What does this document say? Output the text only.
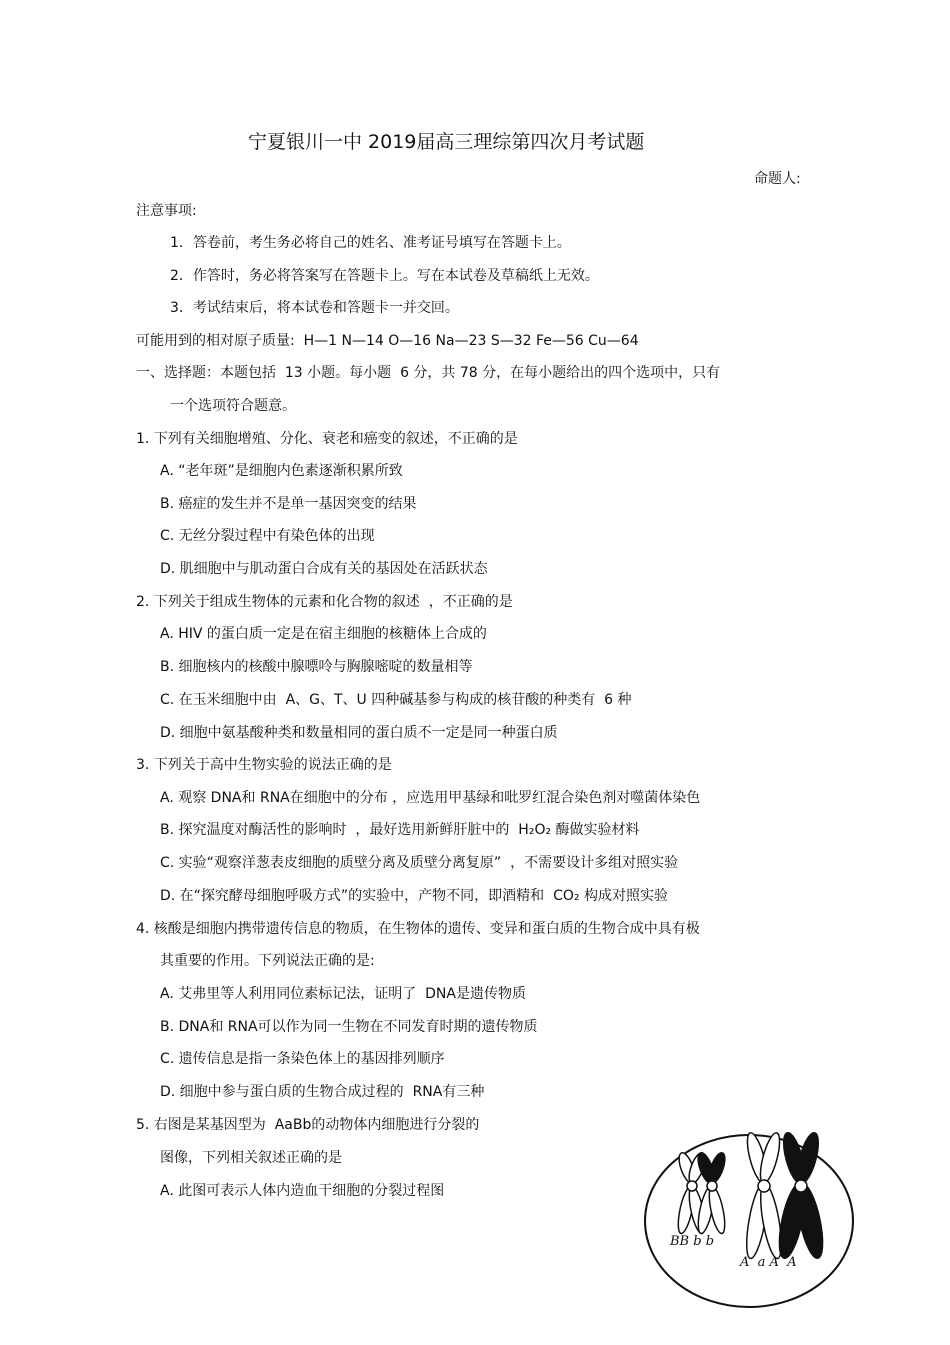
宁夏银川一中 2019届高三理综第四次月考试题
命题人:
注意事项:
1．答卷前，考生务必将自己的姓名、准考证号填写在答题卡上。
2．作答时，务必将答案写在答题卡上。写在本试卷及草稿纸上无效。
3．考试结束后，将本试卷和答题卡一并交回。
可能用到的相对原子质量:  H—1 N—14 O—16 Na—23 S—32 Fe—56 Cu—64
一、选择题：本题包括  13 小题。每小题  6 分，共 78 分，在每小题给出的四个选项中，只有
一个选项符合题意。
1. 下列有关细胞增殖、分化、衰老和癌变的叙述，不正确的是
A. “老年斑”是细胞内色素逐渐积累所致
B. 癌症的发生并不是单一基因突变的结果
C. 无丝分裂过程中有染色体的出现
D. 肌细胞中与肌动蛋白合成有关的基因处在活跃状态
2. 下列关于组成生物体的元素和化合物的叙述  ，不正确的是
A. HIV 的蛋白质一定是在宿主细胞的核糖体上合成的
B. 细胞核内的核酸中腺嘌呤与胸腺嘧啶的数量相等
C. 在玉米细胞中由  A、G、T、U 四种碱基参与构成的核苷酸的种类有  6 种
D. 细胞中氨基酸种类和数量相同的蛋白质不一定是同一种蛋白质
3. 下列关于高中生物实验的说法正确的是
A. 观察 DNA和 RNA在细胞中的分布 ，应选用甲基绿和吡罗红混合染色剂对噬菌体染色
B. 探究温度对酶活性的影响时  ，最好选用新鲜肝脏中的  H₂O₂ 酶做实验材料
C. 实验“观察洋葱表皮细胞的质壁分离及质壁分离复原”  ，不需要设计多组对照实验
D. 在“探究酵母细胞呼吸方式”的实验中，产物不同，即酒精和  CO₂ 构成对照实验
4. 核酸是细胞内携带遗传信息的物质，在生物体的遗传、变异和蛋白质的生物合成中具有极
其重要的作用。下列说法正确的是:
A. 艾弗里等人利用同位素标记法，证明了  DNA是遗传物质
B. DNA和 RNA可以作为同一生物在不同发育时期的遗传物质
C. 遗传信息是指一条染色体上的基因排列顺序
D. 细胞中参与蛋白质的生物合成过程的  RNA有三种
5. 右图是某基因型为  AaBb的动物体内细胞进行分裂的
图像，下列相关叙述正确的是
A. 此图可表示人体内造血干细胞的分裂过程图
BB b b
A  a A  A
